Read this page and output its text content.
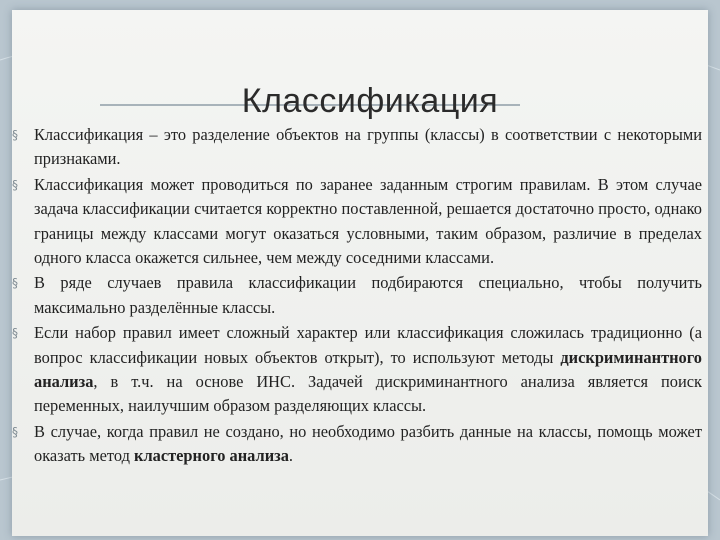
Классификация
§ Классификация – это разделение объектов на группы (классы) в соответствии с некоторыми признаками.
§ Классификация может проводиться по заранее заданным строгим правилам. В этом случае задача классификации считается корректно поставленной, решается достаточно просто, однако границы между классами могут оказаться условными, таким образом, различие в пределах одного класса окажется сильнее, чем между соседними классами.
§ В ряде случаев правила классификации подбираются специально, чтобы получить максимально разделённые классы.
§ Если набор правил имеет сложный характер или классификация сложилась традиционно (а вопрос классификации новых объектов открыт), то используют методы дискриминантного анализа, в т.ч. на основе ИНС. Задачей дискриминантного анализа является поиск переменных, наилучшим образом разделяющих классы.
§ В случае, когда правил не создано, но необходимо разбить данные на классы, помощь может оказать метод кластерного анализа.
